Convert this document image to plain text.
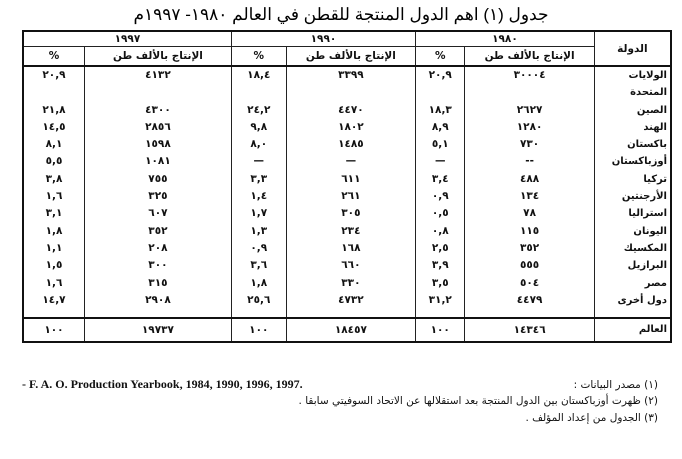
جدول (١) اهم الدول المنتجة للقطن في العالم ١٩٨٠- ١٩٩٧م
الدولة	١٩٨٠		١٩٩٠		١٩٩٧	
	الإنتاج بالألف طن	%	الإنتاج بالألف طن	%	الإنتاج بالألف طن	%
الولايات	٣٠٠٠٤	٢٠,٩	٣٣٩٩	١٨,٤	٤١٣٢	٢٠,٩
المتحدة						
الصين	٢٦٢٧	١٨,٣	٤٤٧٠	٢٤,٢	٤٣٠٠	٢١,٨
الهند	١٢٨٠	٨,٩	١٨٠٢	٩,٨	٢٨٥٦	١٤,٥
باكستان	٧٣٠	٥,١	١٤٨٥	٨,٠	١٥٩٨	٨,١
أوزباكستان	--	—	—	—	١٠٨١	٥,٥
تركيا	٤٨٨	٣,٤	٦١١	٣,٣	٧٥٥	٣,٨
الأرجنتين	١٣٤	٠,٩	٢٦١	١,٤	٣٢٥	١,٦
استراليا	٧٨	٠,٥	٣٠٥	١,٧	٦٠٧	٣,١
اليونان	١١٥	٠,٨	٢٣٤	١,٣	٣٥٢	١,٨
المكسيك	٣٥٢	٢,٥	١٦٨	٠,٩	٢٠٨	١,١
البرازيل	٥٥٥	٣,٩	٦٦٠	٣,٦	٣٠٠	١,٥
مصر	٥٠٤	٣,٥	٣٣٠	١,٨	٣١٥	١,٦
دول أخرى	٤٤٧٩	٣١,٢	٤٧٣٢	٢٥,٦	٢٩٠٨	١٤,٧

العالم	١٤٣٤٦	١٠٠	١٨٤٥٧	١٠٠	١٩٧٣٧	١٠٠
- F. A. O. Production Yearbook, 1984, 1990, 1996, 1997.	(١) مصدر البيانات :
(٢) ظهرت أوزباكستان بين الدول المنتجة بعد استقلالها عن الاتحاد السوفيتي سابقا .
(٣) الجدول من إعداد المؤلف .
